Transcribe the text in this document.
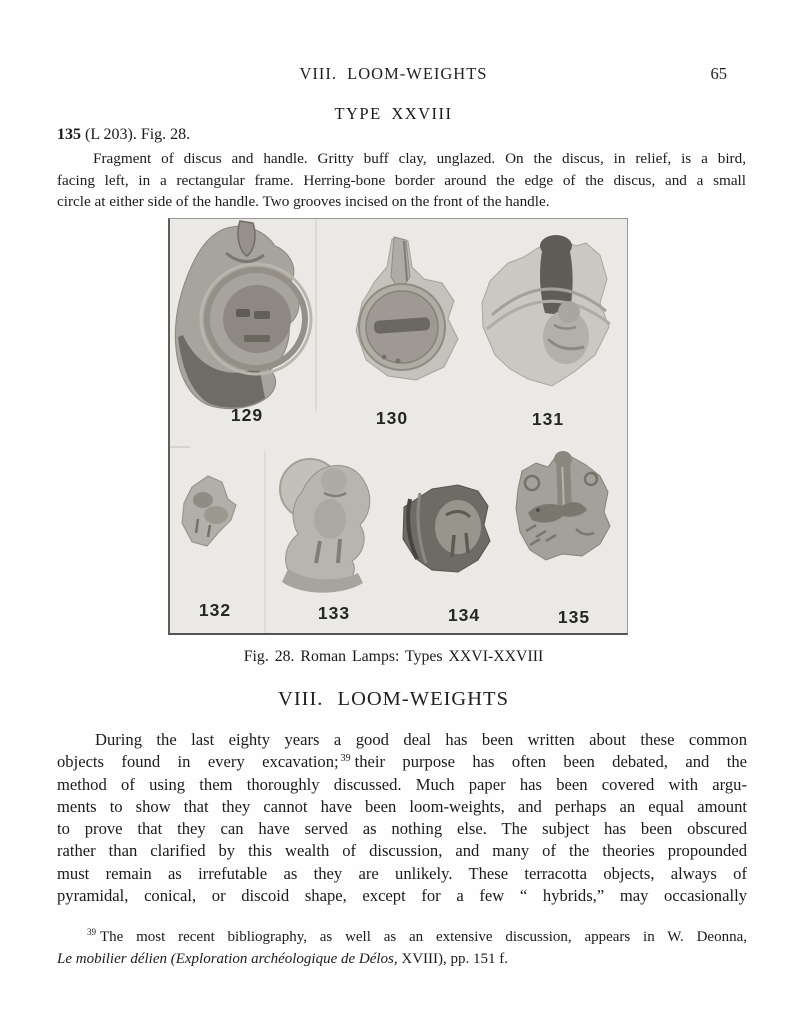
VIII. LOOM-WEIGHTS	65
TYPE XXVIII
135 (L 203). Fig. 28.
Fragment of discus and handle. Gritty buff clay, unglazed. On the discus, in relief, is a bird,
facing left, in a rectangular frame. Herring-bone border around the edge of the discus, and a small
circle at either side of the handle. Two grooves incised on the front of the handle.
129	130	131
132	133	134	135
Fig. 28. Roman Lamps: Types XXVI-XXVIII
VIII. LOOM-WEIGHTS
During the last eighty years a good deal has been written about these common
objects found in every excavation; $^{39}$ their purpose has often been debated, and the
method of using them thoroughly discussed. Much paper has been covered with argu-
ments to show that they cannot have been loom-weights, and perhaps an equal amount
to prove that they can have served as nothing else. The subject has been obscured
rather than clarified by this wealth of discussion, and many of the theories propounded
must remain as irrefutable as they are unlikely. These terracotta objects, always of
pyramidal, conical, or discoid shape, except for a few “ hybrids,” may occasionally
$^{39}$ The most recent bibliography, as well as an extensive discussion, appears in W. Deonna,
Le mobilier délien (Exploration archéologique de Délos, XVIII), pp. 151 f.
